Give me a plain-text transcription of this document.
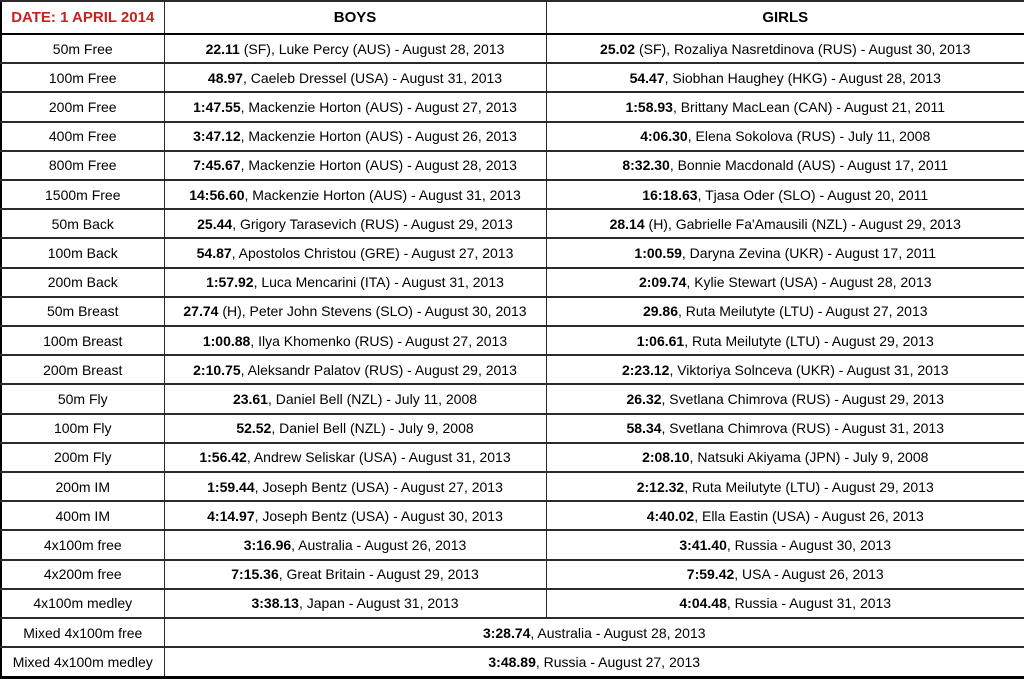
DATE: 1 APRIL 2014	BOYS	GIRLS
50m Free	22.11 (SF), Luke Percy (AUS) - August 28, 2013	25.02 (SF), Rozaliya Nasretdinova (RUS) - August 30, 2013
100m Free	48.97, Caeleb Dressel (USA) - August 31, 2013	54.47, Siobhan Haughey (HKG) - August 28, 2013
200m Free	1:47.55, Mackenzie Horton (AUS) - August 27, 2013	1:58.93, Brittany MacLean (CAN) - August 21, 2011
400m Free	3:47.12, Mackenzie Horton (AUS) - August 26, 2013	4:06.30, Elena Sokolova (RUS) - July 11, 2008
800m Free	7:45.67, Mackenzie Horton (AUS) - August 28, 2013	8:32.30, Bonnie Macdonald (AUS) - August 17, 2011
1500m Free	14:56.60, Mackenzie Horton (AUS) - August 31, 2013	16:18.63, Tjasa Oder (SLO) - August 20, 2011
50m Back	25.44, Grigory Tarasevich (RUS) - August 29, 2013	28.14 (H), Gabrielle Fa'Amausili (NZL) - August 29, 2013
100m Back	54.87, Apostolos Christou (GRE) - August 27, 2013	1:00.59, Daryna Zevina (UKR) - August 17, 2011
200m Back	1:57.92, Luca Mencarini (ITA) - August 31, 2013	2:09.74, Kylie Stewart (USA) - August 28, 2013
50m Breast	27.74 (H), Peter John Stevens (SLO) - August 30, 2013	29.86, Ruta Meilutyte (LTU) - August 27, 2013
100m Breast	1:00.88, Ilya Khomenko (RUS) - August 27, 2013	1:06.61, Ruta Meilutyte (LTU) - August 29, 2013
200m Breast	2:10.75, Aleksandr Palatov (RUS) - August 29, 2013	2:23.12, Viktoriya Solnceva (UKR) - August 31, 2013
50m Fly	23.61, Daniel Bell (NZL) - July 11, 2008	26.32, Svetlana Chimrova (RUS) - August 29, 2013
100m Fly	52.52, Daniel Bell (NZL) - July 9, 2008	58.34, Svetlana Chimrova (RUS) - August 31, 2013
200m Fly	1:56.42, Andrew Seliskar (USA) - August 31, 2013	2:08.10, Natsuki Akiyama (JPN) - July 9, 2008
200m IM	1:59.44, Joseph Bentz (USA) - August 27, 2013	2:12.32, Ruta Meilutyte (LTU) - August 29, 2013
400m IM	4:14.97, Joseph Bentz (USA) - August 30, 2013	4:40.02, Ella Eastin (USA) - August 26, 2013
4x100m free	3:16.96, Australia - August 26, 2013	3:41.40, Russia - August 30, 2013
4x200m free	7:15.36, Great Britain - August 29, 2013	7:59.42, USA - August 26, 2013
4x100m medley	3:38.13, Japan - August 31, 2013	4:04.48, Russia - August 31, 2013
Mixed 4x100m free	3:28.74, Australia - August 28, 2013	
Mixed 4x100m medley	3:48.89, Russia - August 27, 2013	
